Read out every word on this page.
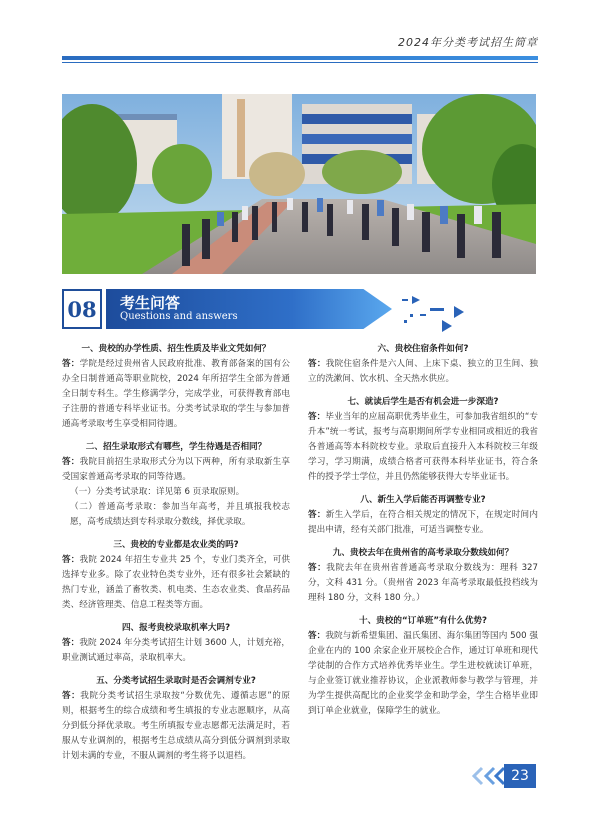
2024年分类考试招生简章
08	考生问答
Questions and answers
一、贵校的办学性质、招生性质及毕业文凭如何？
答：学院是经过贵州省人民政府批准、教育部备案的国有公办全日制普通高等职业院校，2024 年所招学生全部为普通全日制专科生。学生修满学分，完成学业，可获得教育部电子注册的普通专科毕业证书。分类考试录取的学生与参加普通高考录取考生享受相同待遇。
二、招生录取形式有哪些，学生待遇是否相同？
答：我院目前招生录取形式分为以下两种，所有录取新生享受国家普通高考录取的同等待遇。
（一）分类考试录取：详见第 6 页录取原则。
（二）普通高考录取：参加当年高考，并且填报我校志愿，高考成绩达到专科录取分数线，择优录取。
三、贵校的专业都是农业类的吗?
答：我院 2024 年招生专业共 25 个，专业门类齐全，可供选择专业多。除了农业特色类专业外，还有很多社会紧缺的热门专业，涵盖了畜牧类、机电类、生态农业类、食品药品类、经济管理类、信息工程类等方面。
四、报考贵校录取机率大吗?
答：我院 2024 年分类考试招生计划 3600 人，计划充裕，职业测试通过率高，录取机率大。
五、分类考试招生录取时是否会调剂专业?
答：我院分类考试招生录取按“分数优先、遵循志愿”的原则，根据考生的综合成绩和考生填报的专业志愿顺序，从高分到低分择优录取。考生所填报专业志愿都无法满足时，若服从专业调剂的，根据考生总成绩从高分到低分调剂到录取计划未满的专业，不服从调剂的考生将予以退档。
六、贵校住宿条件如何?
答：我院住宿条件是六人间、上床下桌、独立的卫生间、独立的洗漱间、饮水机、全天热水供应。
七、就读后学生是否有机会进一步深造?
答：毕业当年的应届高职优秀毕业生，可参加我省组织的“专升本”统一考试，报考与高职期间所学专业相同或相近的我省各普通高等本科院校专业。录取后直接升入本科院校三年级学习，学习期满，成绩合格者可获得本科毕业证书，符合条件的授予学士学位，并且仍然能够获得大专毕业证书。
八、新生入学后能否再调整专业?
答：新生入学后，在符合相关规定的情况下，在规定时间内提出申请，经有关部门批准，可适当调整专业。
九、贵校去年在贵州省的高考录取分数线如何？
答：我院去年在贵州省普通高考录取分数线为：理科 327 分，文科 431 分。（贵州省 2023 年高考录取最低投档线为理科 180 分，文科 180 分。）
十、贵校的“订单班”有什么优势?
答：我院与新希望集团、温氏集团、海尔集团等国内 500 强企业在内的 100 余家企业开展校企合作，通过订单班和现代学徒制的合作方式培养优秀毕业生。学生进校就读订单班，与企业签订就业推荐协议，企业派教师参与教学与管理，并为学生提供高配比的企业奖学金和助学金，学生合格毕业即到订单企业就业，保障学生的就业。
23
